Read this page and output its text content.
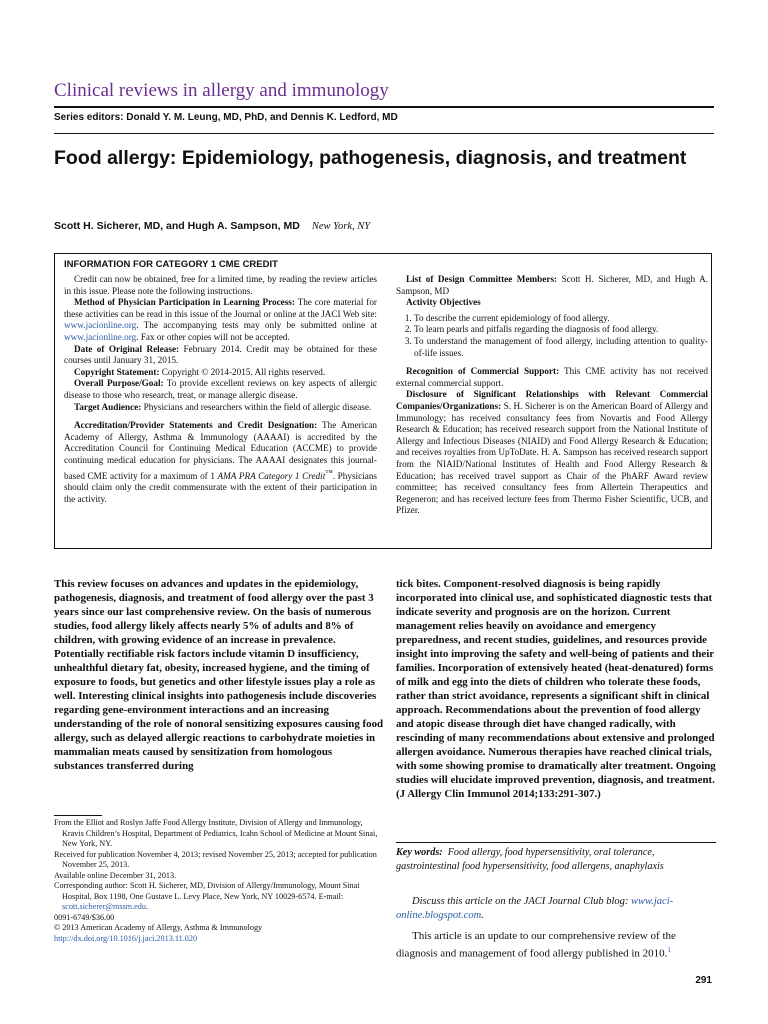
Clinical reviews in allergy and immunology
Series editors: Donald Y. M. Leung, MD, PhD, and Dennis K. Ledford, MD
Food allergy: Epidemiology, pathogenesis, diagnosis, and treatment
Scott H. Sicherer, MD, and Hugh A. Sampson, MD New York, NY
INFORMATION FOR CATEGORY 1 CME CREDIT

Credit can now be obtained, free for a limited time, by reading the review articles in this issue. Please note the following instructions.

Method of Physician Participation in Learning Process: The core material for these activities can be read in this issue of the Journal or online at the JACI Web site: www.jacionline.org. The accompanying tests may only be submitted online at www.jacionline.org. Fax or other copies will not be accepted.

Date of Original Release: February 2014. Credit may be obtained for these courses until January 31, 2015.

Copyright Statement: Copyright © 2014-2015. All rights reserved.

Overall Purpose/Goal: To provide excellent reviews on key aspects of allergic disease to those who research, treat, or manage allergic disease.

Target Audience: Physicians and researchers within the field of allergic disease.

Accreditation/Provider Statements and Credit Designation: The American Academy of Allergy, Asthma & Immunology (AAAAI) is accredited by the Accreditation Council for Continuing Medical Education (ACCME) to provide continuing medical education for physicians. The AAAAI designates this journal-based CME activity for a maximum of 1 AMA PRA Category 1 Credit™. Physicians should claim only the credit commensurate with the extent of their participation in the activity.

List of Design Committee Members: Scott H. Sicherer, MD, and Hugh A. Sampson, MD

Activity Objectives

1. To describe the current epidemiology of food allergy.
2. To learn pearls and pitfalls regarding the diagnosis of food allergy.
3. To understand the management of food allergy, including attention to quality-of-life issues.

Recognition of Commercial Support: This CME activity has not received external commercial support.

Disclosure of Significant Relationships with Relevant Commercial Companies/Organizations: S. H. Sicherer is on the American Board of Allergy and Immunology; has received consultancy fees from Novartis and Food Allergy Research & Education; has received research support from the National Institute of Allergy and Infectious Diseases (NIAID) and Food Allergy Research & Education; and receives royalties from UpToDate. H. A. Sampson has received research support from the NIAID/National Institutes of Health and Food Allergy Research & Education; has received travel support as Chair of the PhARF Award review committee; has received consultancy fees from Allertein Therapeutics and Regeneron; and has received lecture fees from Thermo Fisher Scientific, UCB, and Pfizer.

This review focuses on advances and updates in the epidemiology, pathogenesis, diagnosis, and treatment of food allergy over the past 3 years since our last comprehensive review. On the basis of numerous studies, food allergy likely affects nearly 5% of adults and 8% of children, with growing evidence of an increase in prevalence. Potentially rectifiable risk factors include vitamin D insufficiency, unhealthful dietary fat, obesity, increased hygiene, and the timing of exposure to foods, but genetics and other lifestyle issues play a role as well. Interesting clinical insights into pathogenesis include discoveries regarding gene-environment interactions and an increasing understanding of the role of nonoral sensitizing exposures causing food allergy, such as delayed allergic reactions to carbohydrate moieties in mammalian meats caused by sensitization from homologous substances transferred during
tick bites. Component-resolved diagnosis is being rapidly incorporated into clinical use, and sophisticated diagnostic tests that indicate severity and prognosis are on the horizon. Current management relies heavily on avoidance and emergency preparedness, and recent studies, guidelines, and resources provide insight into improving the safety and well-being of patients and their families. Incorporation of extensively heated (heat-denatured) forms of milk and egg into the diets of children who tolerate these foods, rather than strict avoidance, represents a significant shift in clinical approach. Recommendations about the prevention of food allergy and atopic disease through diet have changed radically, with rescinding of many recommendations about extensive and prolonged allergen avoidance. Numerous therapies have reached clinical trials, with some showing promise to dramatically alter treatment. Ongoing studies will elucidate improved prevention, diagnosis, and treatment. (J Allergy Clin Immunol 2014;133:291-307.)

From the Elliot and Roslyn Jaffe Food Allergy Institute, Division of Allergy and Immunology, Kravis Children’s Hospital, Department of Pediatrics, Icahn School of Medicine at Mount Sinai, New York, NY.

Received for publication November 4, 2013; revised November 25, 2013; accepted for publication November 25, 2013.

Available online December 31, 2013.

Corresponding author: Scott H. Sicherer, MD, Division of Allergy/Immunology, Mount Sinai Hospital, Box 1198, One Gustave L. Levy Place, New York, NY 10029-6574. E-mail: scott.sicherer@mssm.edu.

0091-6749/$36.00

© 2013 American Academy of Allergy, Asthma & Immunology

http://dx.doi.org/10.1016/j.jaci.2013.11.020

Key words: Food allergy, food hypersensitivity, oral tolerance, gastrointestinal food hypersensitivity, food allergens, anaphylaxis
Discuss this article on the JACI Journal Club blog: www.jaci-online.blogspot.com.
This article is an update to our comprehensive review of the diagnosis and management of food allergy published in 2010.$^1$
291
